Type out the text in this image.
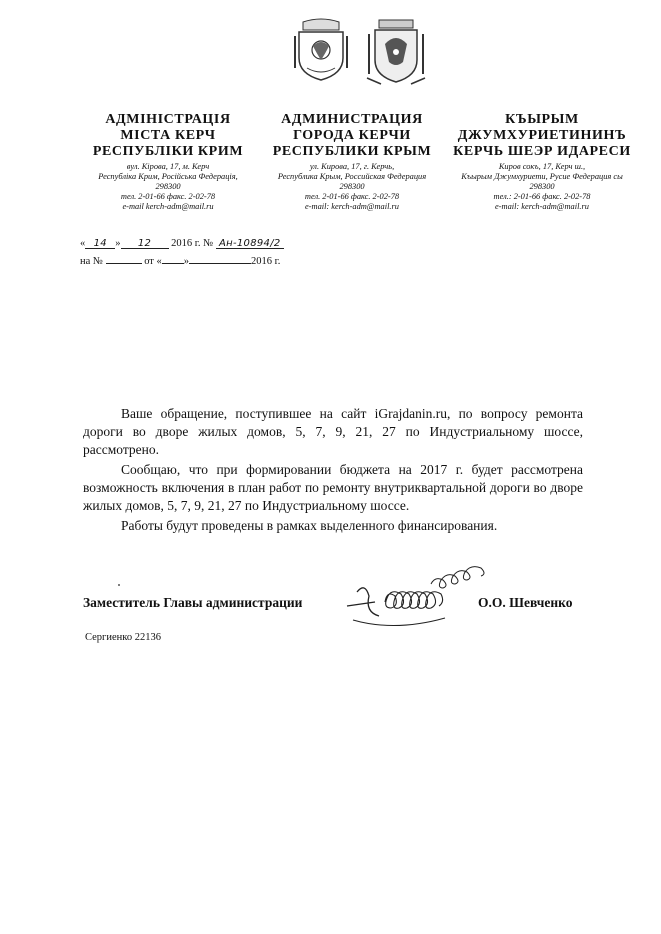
АДМІНІСТРАЦІЯ
МІСТА КЕРЧ
РЕСПУБЛІКИ КРИМ
вул. Кірова, 17, м. Керч
Республіка Крим, Російська Федерація,
298300
тел. 2-01-66 факс. 2-02-78
e-mail kerch-adm@mail.ru
АДМИНИСТРАЦИЯ
ГОРОДА КЕРЧИ
РЕСПУБЛИКИ КРЫМ
ул. Кирова, 17, г. Керчь,
Республика Крым, Российская Федерация
298300
тел. 2-01-66 факс. 2-02-78
e-mail: kerch-adm@mail.ru
КЪЫРЫМ
ДЖУМХУРИЕТИНИНЪ
КЕРЧЬ ШЕЭР ИДАРЕСИ
Киров сокъ, 17, Керч ш.,
Къырым Джумхуриети, Русие Федерация сы
298300
тел.: 2-01-66 факс. 2-02-78
e-mail: kerch-adm@mail.ru
« 14 » 12 2016 г. № Ан-10894/2
на №	от « »	2016 г.

Ваше обращение, поступившее на сайт iGrajdanin.ru, по вопросу ремонта дороги во дворе жилых домов, 5, 7, 9, 21, 27 по Индустриальному шоссе, рассмотрено.

Сообщаю, что при формировании бюджета на 2017 г. будет рассмотрена возможность включения в план работ по ремонту внутриквартальной дороги во дворе жилых домов, 5, 7, 9, 21, 27 по Индустриальному шоссе.

Работы будут проведены в рамках выделенного финансирования.

Заместитель Главы администрации	О.О. Шевченко
Сергиенко 22136
